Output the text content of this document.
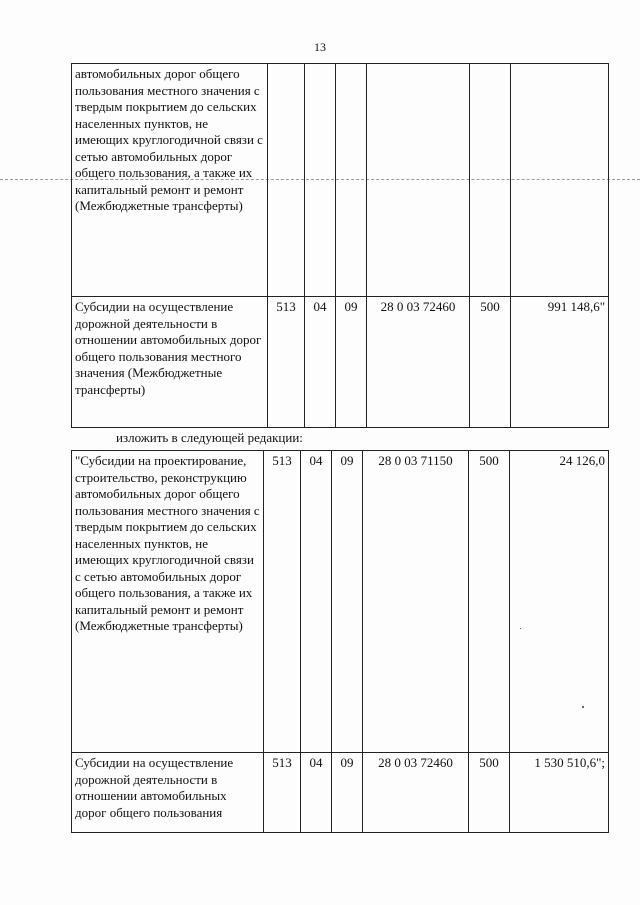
13
автомобильных дорог общего пользования местного значения с твердым покрытием до сельских населенных пунктов, не имеющих круглогодичной связи с сетью автомобильных дорог общего пользования, а также их капитальный ремонт и ремонт (Межбюджетные трансферты)						
Субсидии на осуществление дорожной деятельности в отношении автомобильных дорог общего пользования местного значения (Межбюджетные трансферты)	513	04	09	28 0 03 72460	500	991 148,6"
изложить в следующей редакции:
"Субсидии на проектирование, строительство, реконструкцию автомобильных дорог общего пользования местного значения с твердым покрытием до сельских населенных пунктов, не имеющих круглогодичной связи с сетью автомобильных дорог общего пользования, а также их капитальный ремонт и ремонт (Межбюджетные трансферты)	513	04	09	28 0 03 71150	500	24 126,0
Субсидии на осуществление дорожной деятельности в отношении автомобильных дорог общего пользования	513	04	09	28 0 03 72460	500	1 530 510,6";
